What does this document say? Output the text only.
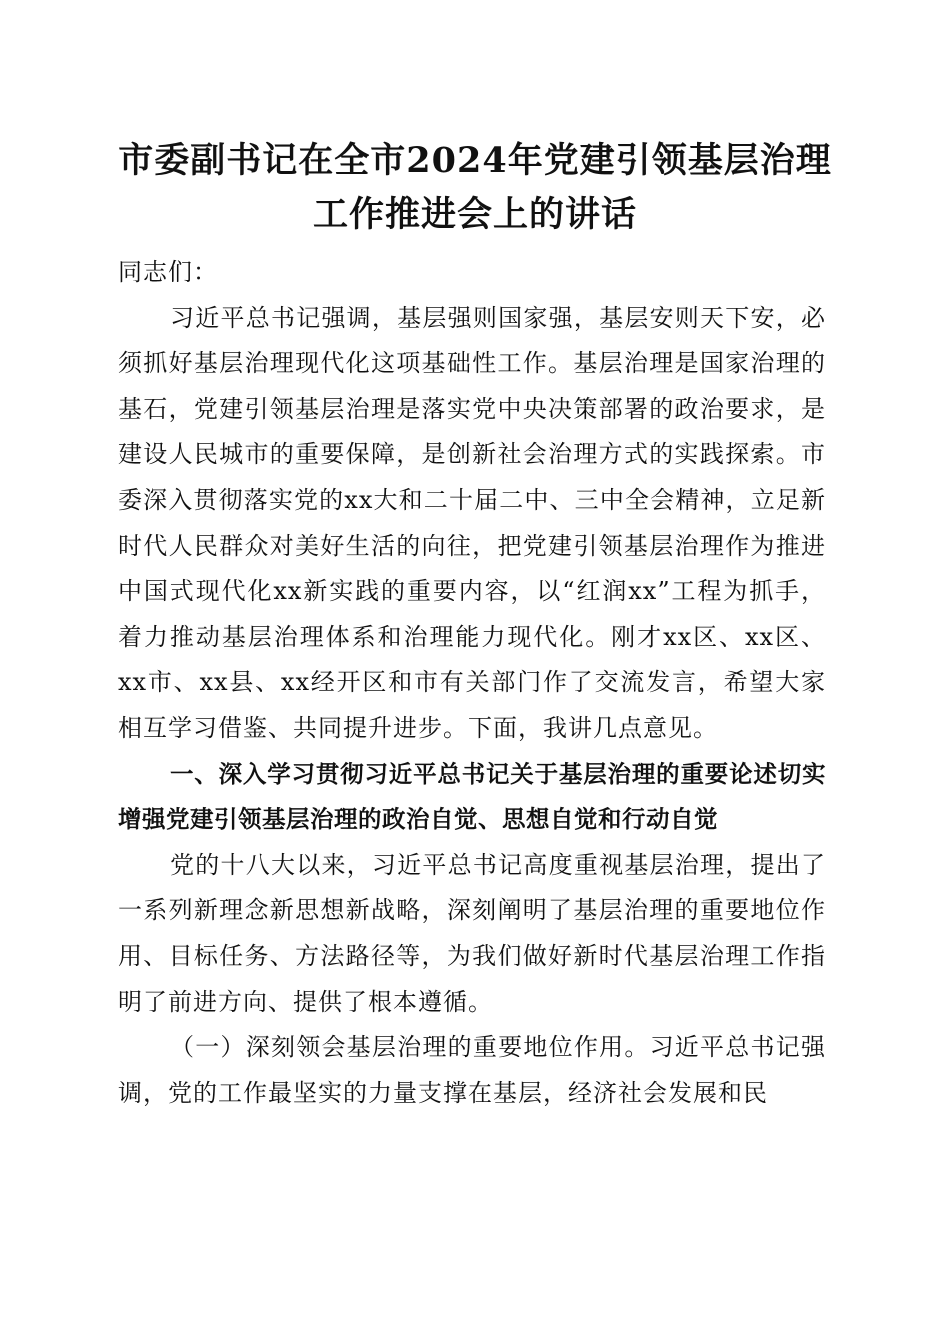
市委副书记在全市2024年党建引领基层治理
工作推进会上的讲话

同志们：

习近平总书记强调，基层强则国家强，基层安则天下安，必须抓好基层治理现代化这项基础性工作。基层治理是国家治理的基石，党建引领基层治理是落实党中央决策部署的政治要求，是建设人民城市的重要保障，是创新社会治理方式的实践探索。市委深入贯彻落实党的xx大和二十届二中、三中全会精神，立足新时代人民群众对美好生活的向往，把党建引领基层治理作为推进中国式现代化xx新实践的重要内容，以“红润xx”工程为抓手，着力推动基层治理体系和治理能力现代化。刚才xx区、xx区、xx市、xx县、xx经开区和市有关部门作了交流发言，希望大家相互学习借鉴、共同提升进步。下面，我讲几点意见。

一、深入学习贯彻习近平总书记关于基层治理的重要论述切实增强党建引领基层治理的政治自觉、思想自觉和行动自觉

党的十八大以来，习近平总书记高度重视基层治理，提出了一系列新理念新思想新战略，深刻阐明了基层治理的重要地位作用、目标任务、方法路径等，为我们做好新时代基层治理工作指明了前进方向、提供了根本遵循。

（一）深刻领会基层治理的重要地位作用。习近平总书记强调，党的工作最坚实的力量支撑在基层，经济社会发展和民
